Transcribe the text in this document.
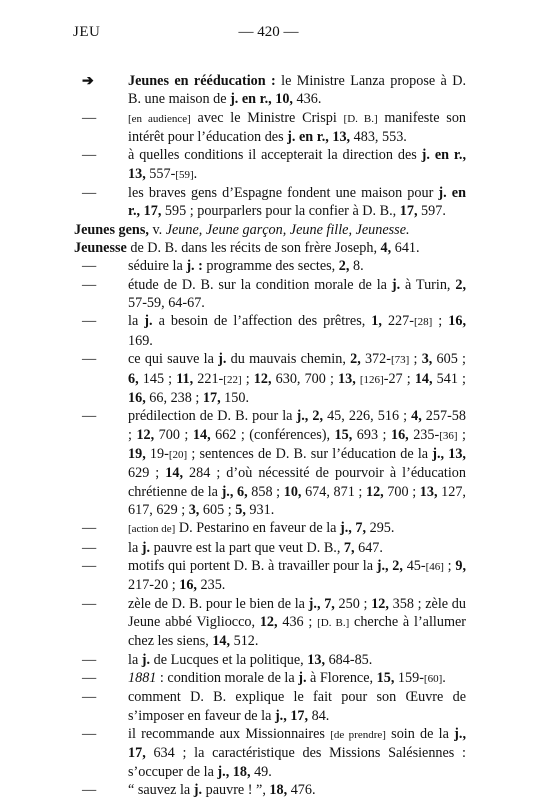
JEU	— 420 —
➔ Jeunes en rééducation : le Ministre Lanza propose à D. B. une maison de j. en r., 10, 436.
—	[en audience] avec le Ministre Crispi [D. B.] manifeste son intérêt pour l’éducation des j. en r., 13, 483, 553.
— à quelles conditions il accepterait la direction des j. en r., 13, 557-[59].
— les braves gens d’Espagne fondent une maison pour j. en r., 17, 595 ; pourparlers pour la confier à D. B., 17, 597.
Jeunes gens, v. Jeune, Jeune garçon, Jeune fille, Jeunesse.
Jeunesse de D. B. dans les récits de son frère Joseph, 4, 641.
— séduire la j. : programme des sectes, 2, 8.
— étude de D. B. sur la condition morale de la j. à Turin, 2, 57-59, 64-67.
— la j. a besoin de l’affection des prêtres, 1, 227-[28] ; 16, 169.
— ce qui sauve la j. du mauvais chemin, 2, 372-[73] ; 3, 605 ; 6, 145 ; 11, 221-[22] ; 12, 630, 700 ; 13, [126]-27 ; 14, 541 ; 16, 66, 238 ; 17, 150.
— prédilection de D. B. pour la j., 2, 45, 226, 516 ; 4, 257-58 ; 12, 700 ; 14, 662 ; (conférences), 15, 693 ; 16, 235-[36] ; 19, 19-[20] ; sentences de D. B. sur l’éducation de la j., 13, 629 ; 14, 284 ; d’où nécessité de pourvoir à l’éducation chrétienne de la j., 6, 858 ; 10, 674, 871 ; 12, 700 ; 13, 127, 617, 629 ; 3, 605 ; 5, 931.
—	[action de] D. Pestarino en faveur de la j., 7, 295.
— la j. pauvre est la part que veut D. B., 7, 647.
— motifs qui portent D. B. à travailler pour la j., 2, 45-[46] ; 9, 217-20 ; 16, 235.
— zèle de D. B. pour le bien de la j., 7, 250 ; 12, 358 ; zèle du Jeune abbé Vigliocco, 12, 436 ; [D. B.] cherche à l’allumer chez les siens, 14, 512.
— la j. de Lucques et la politique, 13, 684-85.
— 1881 : condition morale de la j. à Florence, 15, 159-[60].
— comment D. B. explique le fait pour son Œuvre de s’imposer en faveur de la j., 17, 84.
— il recommande aux Missionnaires [de prendre] soin de la j., 17, 634 ; la caractéristique des Missions Salésiennes : s’occuper de la j., 18, 49.
— “ sauvez la j. pauvre ! ”, 18, 476.
